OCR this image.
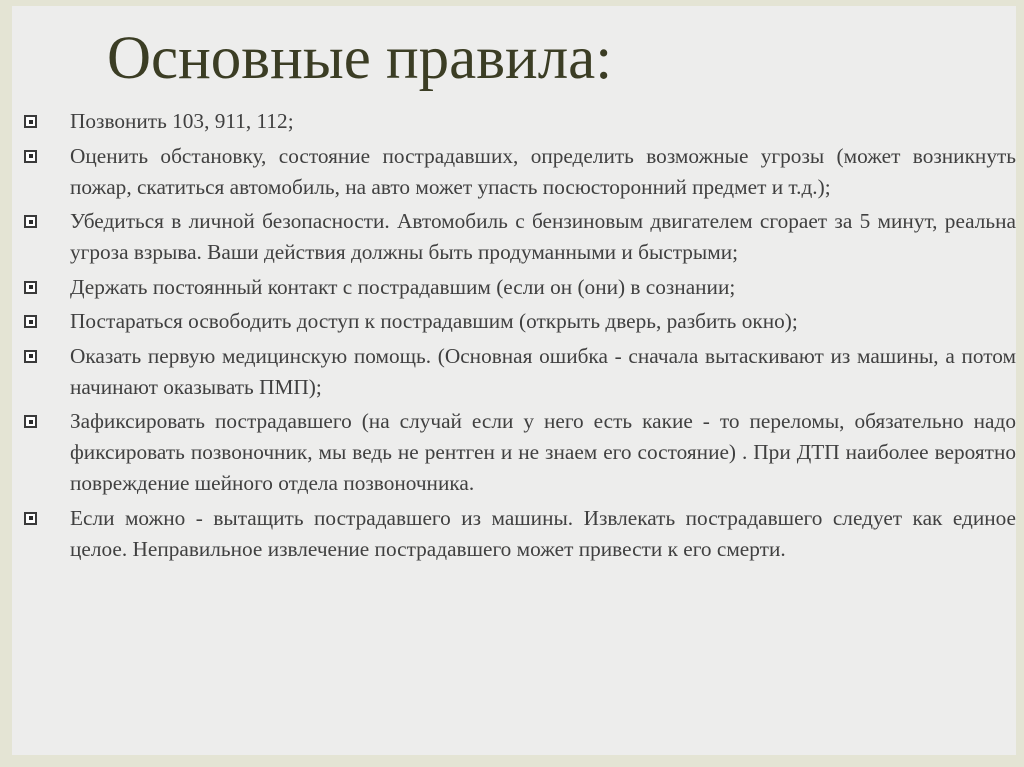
Основные правила:
Позвонить 103, 911, 112;
Оценить обстановку, состояние пострадавших, определить возможные угрозы (может возникнуть пожар, скатиться автомобиль, на авто может упасть посюсторонний предмет и т.д.);
Убедиться в личной безопасности. Автомобиль с бензиновым двигателем сгорает за 5 минут, реальна угроза взрыва. Ваши действия должны быть продуманными и быстрыми;
Держать постоянный контакт с пострадавшим (если он (они) в сознании;
Постараться освободить доступ к пострадавшим (открыть дверь, разбить окно);
Оказать первую медицинскую помощь. (Основная ошибка - сначала вытаскивают из машины, а потом начинают оказывать ПМП);
Зафиксировать пострадавшего (на случай если у него есть какие - то переломы, обязательно надо фиксировать позвоночник, мы ведь не рентген и не знаем его состояние) . При ДТП наиболее вероятно повреждение шейного отдела позвоночника.
Если можно - вытащить пострадавшего из машины. Извлекать пострадавшего следует как единое целое. Неправильное извлечение пострадавшего может привести к его смерти.
